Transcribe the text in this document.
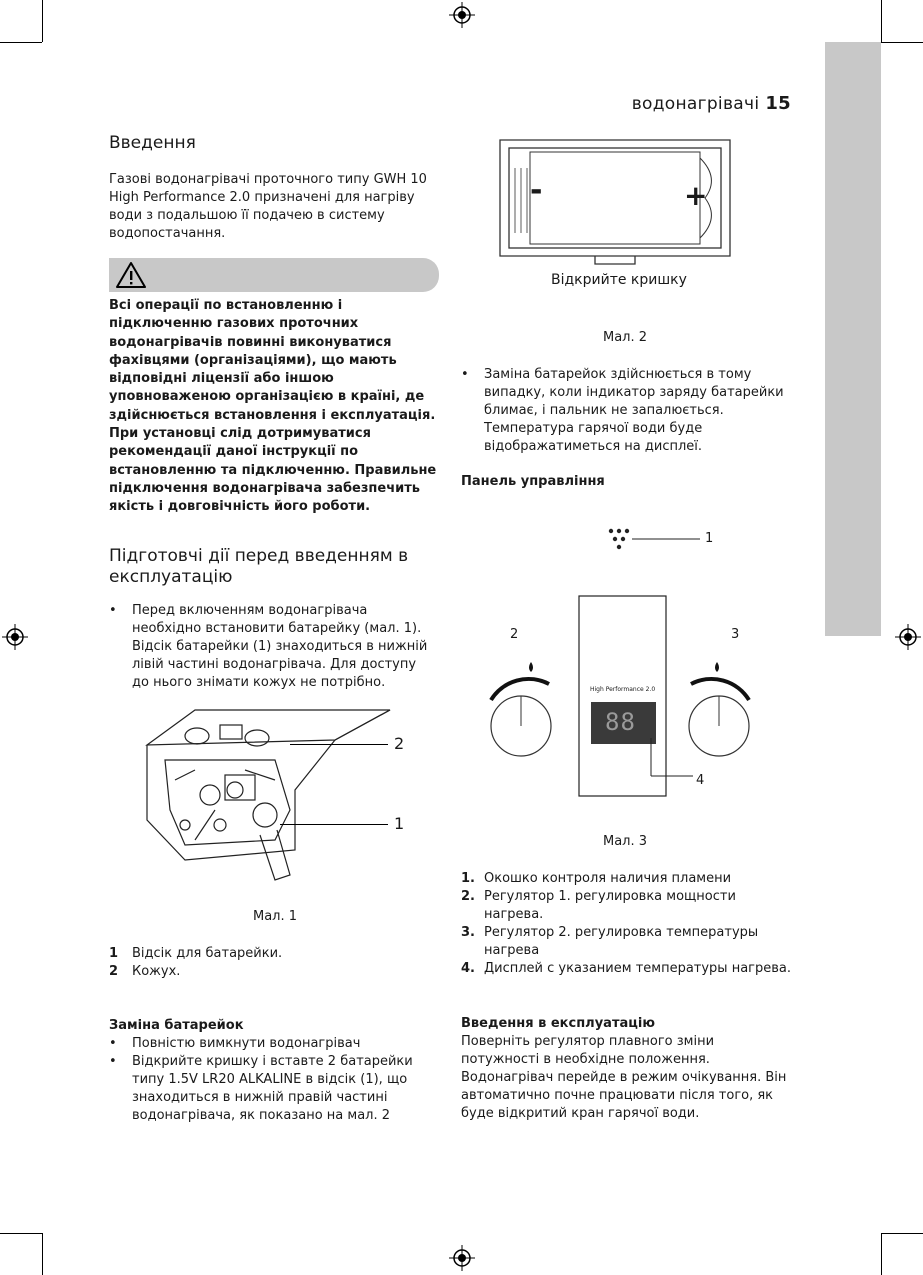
водонагрівачі 15
Введення
Газові водонагрівачі проточного типу GWH 10 High Performance 2.0 призначені для нагріву води з подальшою її подачею в систему водопостачання.
Всі операції по встановленню і підключенню газових проточних водонагрівачів повинні виконуватися фахівцями (організаціями), що мають відповідні ліцензії або іншою уповноваженою організацією в країні, де здійснюється встановлення і експлуатація. При установці слід дотримуватися рекомендації даної інструкції по встановленню та підключенню. Правильне підключення водонагрівача забезпечить якість і довговічність його роботи.
Підготовчі дії перед введенням в експлуатацію
• Перед включенням водонагрівача необхідно встановити батарейку (мал. 1). Відсік батарейки (1) знаходиться в нижній лівій частині водонагрівача. Для доступу до нього знімати кожух не потрібно.
2
1
Мал. 1
1 Відсік для батарейки.
2 Кожух.
Заміна батарейок
• Повністю вимкнути водонагрівач
• Відкрийте кришку і вставте 2 батарейки типу 1.5V LR20 ALKALINE в відсік (1), що знаходиться в нижній правій частині водонагрівача, як показано на мал. 2
-	+
Відкрийте кришку
Мал. 2
• Заміна батарейок здійснюється в тому випадку, коли індикатор заряду батарейки блимає, і пальник не запалюється. Температура гарячої води буде відображатиметься на дисплеї.
Панель управління
1
2	3
4
High Performance 2.0
88
Мал. 3
1. Окошко контроля наличия пламени
2. Регулятор 1. регулировка мощности нагрева.
3. Регулятор 2. регулировка температуры нагрева
4. Дисплей с указанием температуры нагрева.
Введення в експлуатацію
Поверніть регулятор плавного зміни потужності в необхідне положення. Водонагрівач перейде в режим очікування. Він автоматично почне працювати після того, як буде відкритий кран гарячої води.
